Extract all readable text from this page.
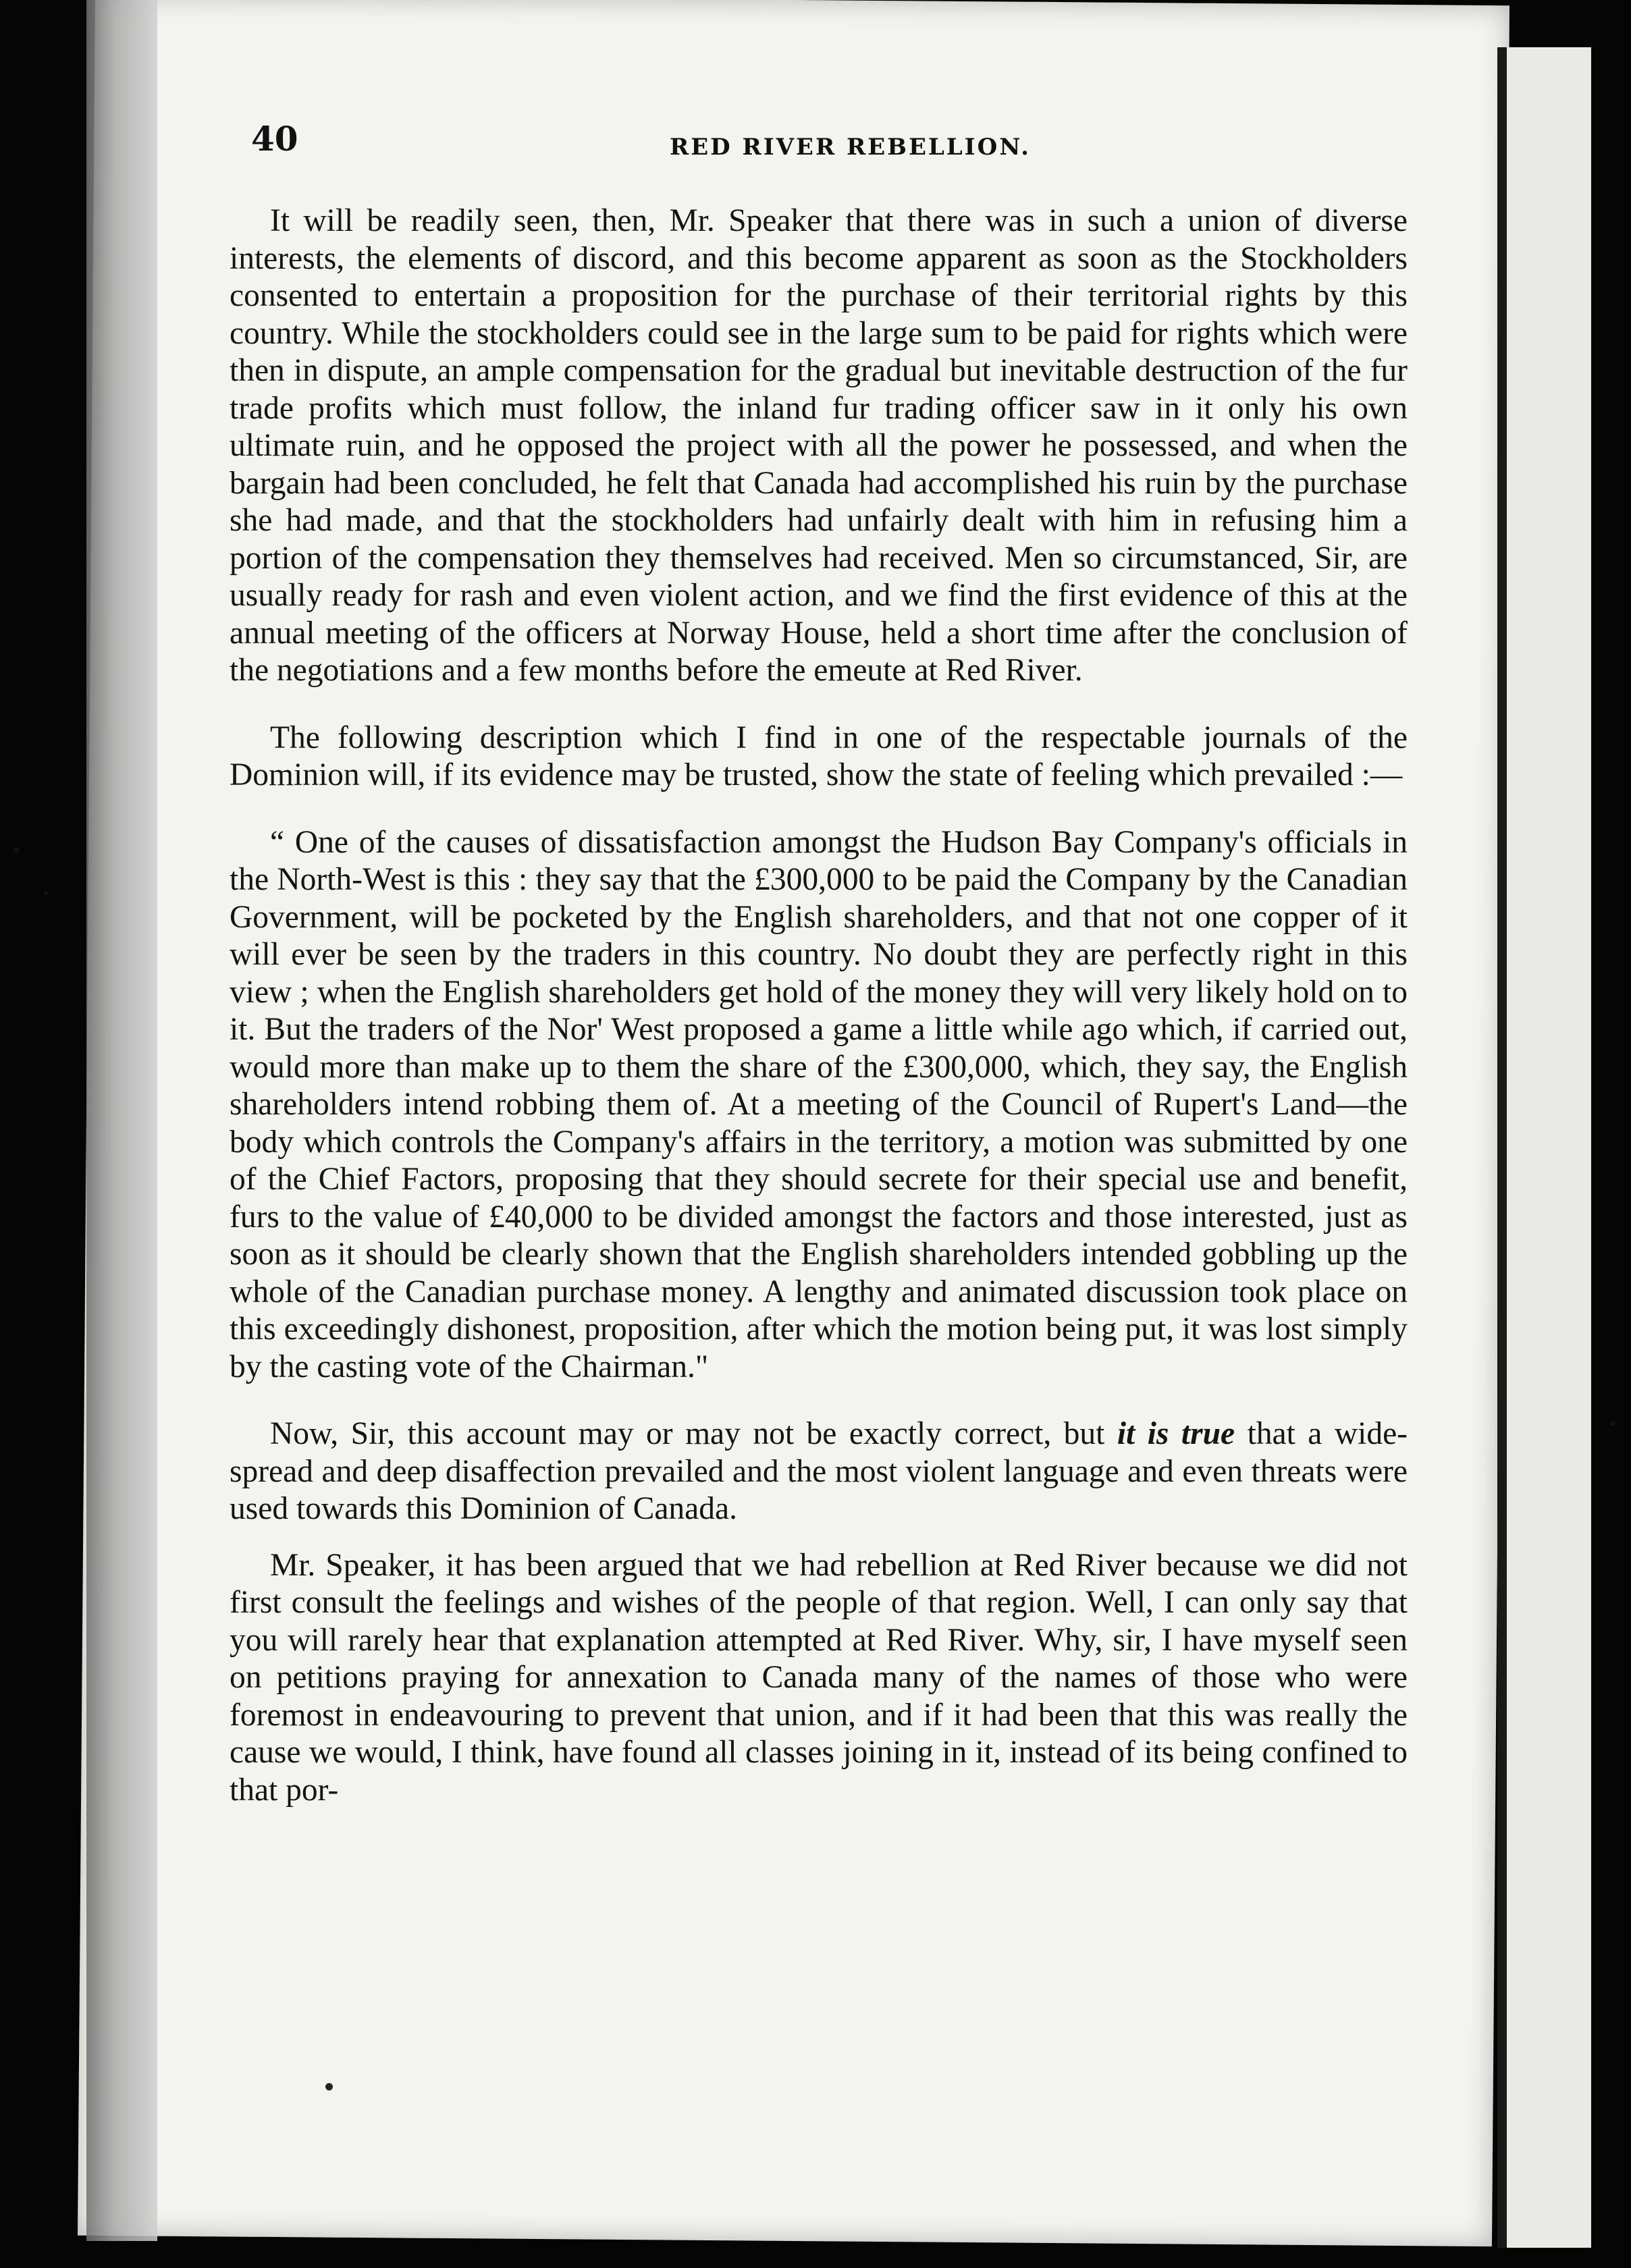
40	RED RIVER REBELLION.

It will be readily seen, then, Mr. Speaker that there was in such a union of diverse interests, the elements of discord, and this become apparent as soon as the Stockholders consented to entertain a proposition for the purchase of their territorial rights by this country. While the stockholders could see in the large sum to be paid for rights which were then in dispute, an ample compensation for the gradual but inevitable destruction of the fur trade profits which must follow, the inland fur trading officer saw in it only his own ultimate ruin, and he opposed the project with all the power he possessed, and when the bargain had been concluded, he felt that Canada had accomplished his ruin by the purchase she had made, and that the stockholders had unfairly dealt with him in refusing him a portion of the compensation they themselves had received. Men so circumstanced, Sir, are usually ready for rash and even violent action, and we find the first evidence of this at the annual meeting of the officers at Norway House, held a short time after the conclusion of the negotiations and a few months before the emeute at Red River.

The following description which I find in one of the respectable journals of the Dominion will, if its evidence may be trusted, show the state of feeling which prevailed :—

“ One of the causes of dissatisfaction amongst the Hudson Bay Company's officials in the North-West is this : they say that the £300,000 to be paid the Company by the Canadian Government, will be pocketed by the English shareholders, and that not one copper of it will ever be seen by the traders in this country. No doubt they are perfectly right in this view ; when the English shareholders get hold of the money they will very likely hold on to it. But the traders of the Nor' West proposed a game a little while ago which, if carried out, would more than make up to them the share of the £300,000, which, they say, the English shareholders intend robbing them of. At a meeting of the Council of Rupert's Land—the body which controls the Company's affairs in the territory, a motion was submitted by one of the Chief Factors, proposing that they should secrete for their special use and benefit, furs to the value of £40,000 to be divided amongst the factors and those interested, just as soon as it should be clearly shown that the English shareholders intended gobbling up the whole of the Canadian purchase money. A lengthy and animated discussion took place on this exceedingly dishonest, proposition, after which the motion being put, it was lost simply by the casting vote of the Chairman."

Now, Sir, this account may or may not be exactly correct, but it is true that a wide-spread and deep disaffection prevailed and the most violent language and even threats were used towards this Dominion of Canada.

Mr. Speaker, it has been argued that we had rebellion at Red River because we did not first consult the feelings and wishes of the people of that region. Well, I can only say that you will rarely hear that explanation attempted at Red River. Why, sir, I have myself seen on petitions praying for annexation to Canada many of the names of those who were foremost in endeavouring to prevent that union, and if it had been that this was really the cause we would, I think, have found all classes joining in it, instead of its being confined to that por-
